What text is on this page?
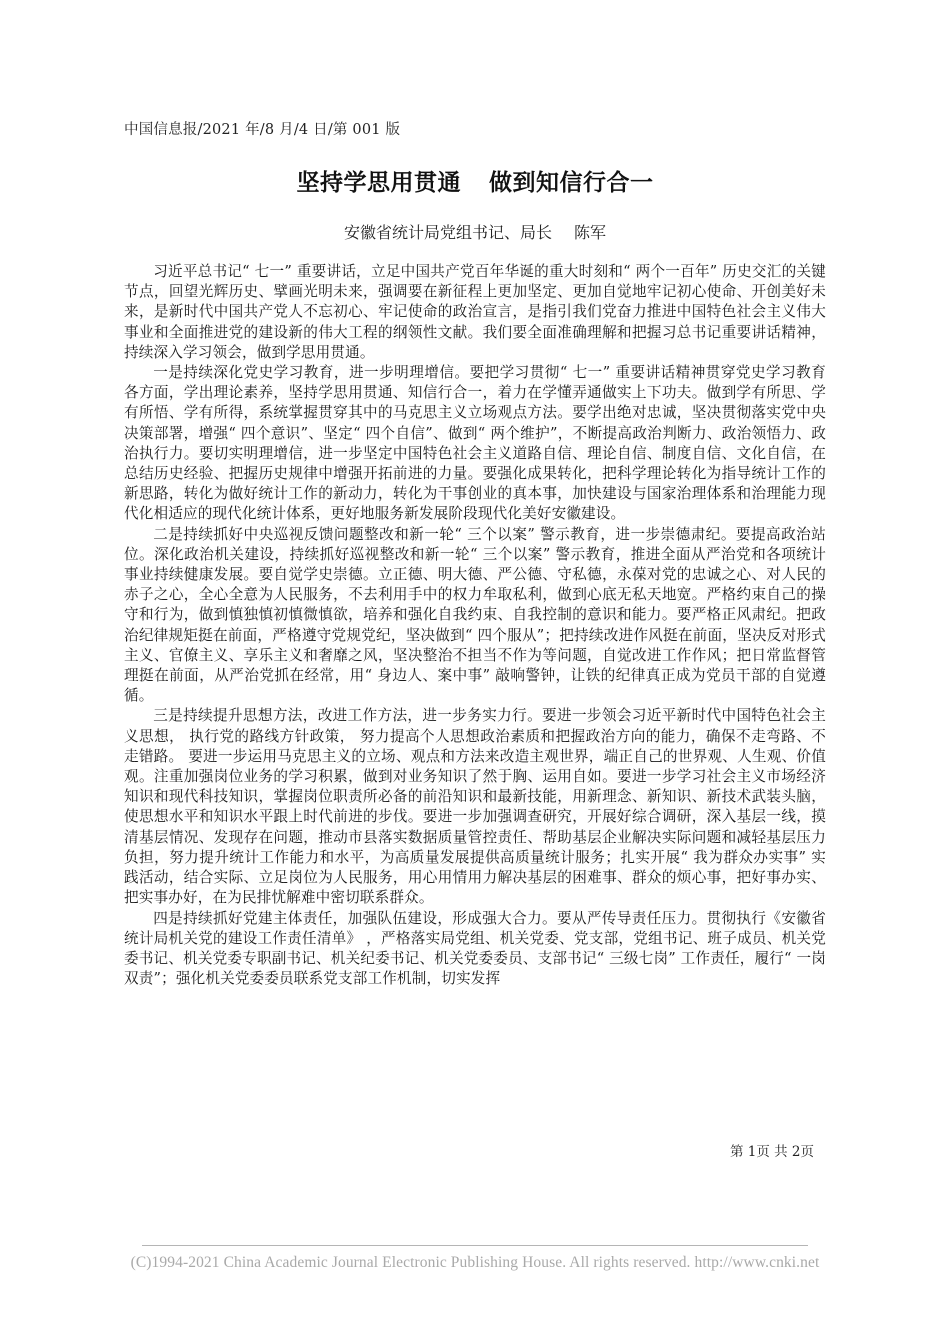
中国信息报/2021 年/8 月/4 日/第 001 版
坚持学思用贯通 做到知信行合一
安徽省统计局党组书记、局长 陈军

习近平总书记“ 七一” 重要讲话，立足中国共产党百年华诞的重大时刻和“ 两个一百年” 历史交汇的关键节点，回望光辉历史、擘画光明未来，强调要在新征程上更加坚定、更加自觉地牢记初心使命、开创美好未来，是新时代中国共产党人不忘初心、牢记使命的政治宣言，是指引我们党奋力推进中国特色社会主义伟大事业和全面推进党的建设新的伟大工程的纲领性文献。我们要全面准确理解和把握习总书记重要讲话精神，持续深入学习领会，做到学思用贯通。

一是持续深化党史学习教育，进一步明理增信。要把学习贯彻“ 七一” 重要讲话精神贯穿党史学习教育各方面，学出理论素养，坚持学思用贯通、知信行合一，着力在学懂弄通做实上下功夫。做到学有所思、学有所悟、学有所得，系统掌握贯穿其中的马克思主义立场观点方法。要学出绝对忠诚，坚决贯彻落实党中央决策部署，增强“ 四个意识”、坚定“ 四个自信”、做到“ 两个维护”，不断提高政治判断力、政治领悟力、政治执行力。要切实明理增信，进一步坚定中国特色社会主义道路自信、理论自信、制度自信、文化自信，在总结历史经验、把握历史规律中增强开拓前进的力量。要强化成果转化，把科学理论转化为指导统计工作的新思路，转化为做好统计工作的新动力，转化为干事创业的真本事，加快建设与国家治理体系和治理能力现代化相适应的现代化统计体系，更好地服务新发展阶段现代化美好安徽建设。

二是持续抓好中央巡视反馈问题整改和新一轮“ 三个以案” 警示教育，进一步崇德肃纪。要提高政治站位。深化政治机关建设，持续抓好巡视整改和新一轮“ 三个以案” 警示教育，推进全面从严治党和各项统计事业持续健康发展。要自觉学史崇德。立正德、明大德、严公德、守私德，永葆对党的忠诚之心、对人民的赤子之心，全心全意为人民服务，不去利用手中的权力牟取私利，做到心底无私天地宽。严格约束自己的操守和行为，做到慎独慎初慎微慎欲，培养和强化自我约束、自我控制的意识和能力。要严格正风肃纪。把政治纪律规矩挺在前面，严格遵守党规党纪，坚决做到“ 四个服从”；把持续改进作风挺在前面，坚决反对形式主义、官僚主义、享乐主义和奢靡之风，坚决整治不担当不作为等问题，自觉改进工作作风；把日常监督管理挺在前面，从严治党抓在经常，用“ 身边人、案中事” 敲响警钟，让铁的纪律真正成为党员干部的自觉遵循。

三是持续提升思想方法，改进工作方法，进一步务实力行。要进一步领会习近平新时代中国特色社会主义思想， 执行党的路线方针政策， 努力提高个人思想政治素质和把握政治方向的能力，确保不走弯路、不走错路。 要进一步运用马克思主义的立场、观点和方法来改造主观世界，端正自己的世界观、人生观、价值观。注重加强岗位业务的学习积累，做到对业务知识了然于胸、运用自如。要进一步学习社会主义市场经济知识和现代科技知识，掌握岗位职责所必备的前沿知识和最新技能，用新理念、新知识、新技术武装头脑，使思想水平和知识水平跟上时代前进的步伐。要进一步加强调查研究，开展好综合调研，深入基层一线，摸清基层情况、发现存在问题，推动市县落实数据质量管控责任、帮助基层企业解决实际问题和减轻基层压力负担，努力提升统计工作能力和水平，为高质量发展提供高质量统计服务；扎实开展“ 我为群众办实事” 实践活动，结合实际、立足岗位为人民服务，用心用情用力解决基层的困难事、群众的烦心事，把好事办实、把实事办好，在为民排忧解难中密切联系群众。

四是持续抓好党建主体责任，加强队伍建设，形成强大合力。要从严传导责任压力。贯彻执行《安徽省统计局机关党的建设工作责任清单》 ，严格落实局党组、机关党委、党支部，党组书记、班子成员、机关党委书记、机关党委专职副书记、机关纪委书记、机关党委委员、支部书记“ 三级七岗” 工作责任，履行“ 一岗双责”；强化机关党委委员联系党支部工作机制，切实发挥

第 1页 共 2页
(C)1994-2021 China Academic Journal Electronic Publishing House. All rights reserved. http://www.cnki.net
